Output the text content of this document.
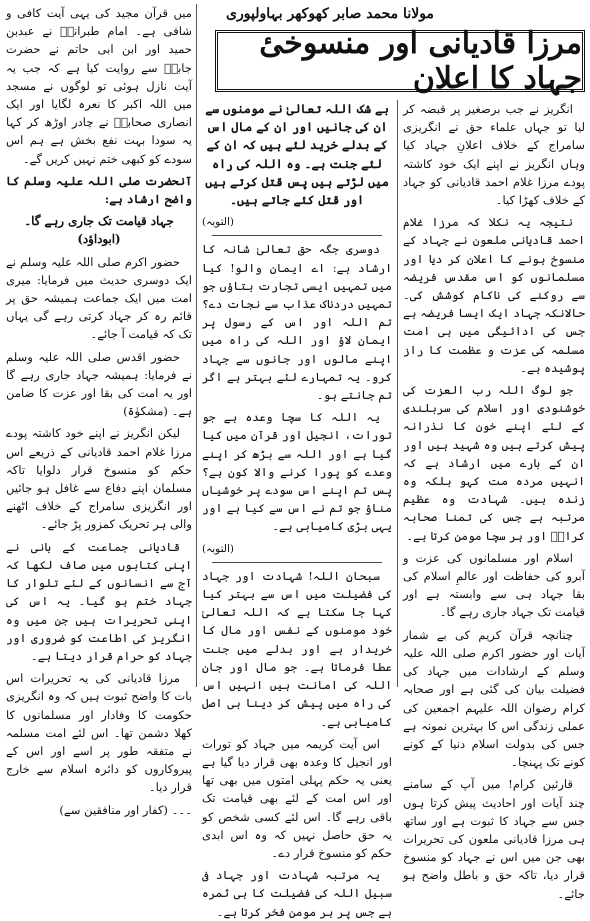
مولانا محمد صابر کھوکھر بہاولپوری
مرزا قادیانی اور منسوخیٔ جہاد کا اعلان

انگریز نے جب برصغیر پر قبضہ کر لیا تو جہاں علماء حق نے انگریزی سامراج کے خلاف اعلانِ جہاد کیا وہاں انگریز نے اپنے ایک خود کاشتہ پودے مرزا غلام احمد قادیانی کو جہاد کے خلاف کھڑا کیا۔

نتیجہ یہ نکلا کہ مرزا غلام احمد قادیانی ملعون نے جہاد کے منسوخ ہونے کا اعلان کر دیا اور مسلمانوں کو اس مقدس فریضہ سے روکنے کی ناکام کوشش کی۔ حالانکہ جہاد ایک ایسا فریضہ ہے جس کی ادائیگی میں ہی امت مسلمہ کی عزت و عظمت کا راز پوشیدہ ہے۔

جو لوگ اللہ رب العزت کی خوشنودی اور اسلام کی سربلندی کے لئے اپنے خون کا نذرانہ پیش کرتے ہیں وہ شہید ہیں اور ان کے بارے میں ارشاد ہے کہ انہیں مردہ مت کہو بلکہ وہ زندہ ہیں۔ شہادت وہ عظیم مرتبہ ہے جس کی تمنا صحابہ کرامؓ اور ہر سچا مومن کرتا ہے۔

اسلام اور مسلمانوں کی عزت و آبرو کی حفاظت اور عالمِ اسلام کی بقا جہاد ہی سے وابستہ ہے اور قیامت تک جہاد جاری رہے گا۔

چنانچہ قرآن کریم کی بے شمار آیات اور حضور اکرم صلی اللہ علیہ وسلم کے ارشادات میں جہاد کی فضیلت بیان کی گئی ہے اور صحابہ کرام رضوان اللہ علیہم اجمعین کی عملی زندگی اس کا بہترین نمونہ ہے جس کی بدولت اسلام دنیا کے کونے کونے تک پہنچا۔

قارئین کرام! میں آپ کے سامنے چند آیات اور احادیث پیش کرتا ہوں جس سے جہاد کا ثبوت ہے اور ساتھ ہی مرزا قادیانی ملعون کی تحریرات بھی جن میں اس نے جہاد کو منسوخ قرار دیا، تاکہ حق و باطل واضح ہو جائے۔

بے شک اللہ تعالیٰ نے مومنوں سے ان کی جانیں اور ان کے مال اس کے بدلے خرید لئے ہیں کہ ان کے لئے جنت ہے۔ وہ اللہ کی راہ میں لڑتے ہیں پس قتل کرتے ہیں اور قتل کئے جاتے ہیں۔

(التوبہ)

دوسری جگہ حق تعالیٰ شانہ کا ارشاد ہے: اے ایمان والو! کیا میں تمہیں ایسی تجارت بتاؤں جو تمہیں دردناک عذاب سے نجات دے؟ تم اللہ اور اس کے رسول پر ایمان لاؤ اور اللہ کی راہ میں اپنے مالوں اور جانوں سے جہاد کرو۔ یہ تمہارے لئے بہتر ہے اگر تم جانتے ہو۔

یہ اللہ کا سچا وعدہ ہے جو تورات، انجیل اور قرآن میں کیا گیا ہے اور اللہ سے بڑھ کر اپنے وعدے کو پورا کرنے والا کون ہے؟ پس تم اپنے اس سودے پر خوشیاں مناؤ جو تم نے اس سے کیا ہے اور یہی بڑی کامیابی ہے۔

(التوبہ)

سبحان اللہ! شہادت اور جہاد کی فضیلت میں اس سے بہتر کیا کہا جا سکتا ہے کہ اللہ تعالیٰ خود مومنوں کے نفس اور مال کا خریدار ہے اور بدلے میں جنت عطا فرماتا ہے۔ جو مال اور جان اللہ کی امانت ہیں انہیں اس کی راہ میں پیش کر دینا ہی اصل کامیابی ہے۔

اس آیت کریمہ میں جہاد کو تورات اور انجیل کا وعدہ بھی قرار دیا گیا ہے یعنی یہ حکم پہلی امتوں میں بھی تھا اور اس امت کے لئے بھی قیامت تک باقی رہے گا۔ اس لئے کسی شخص کو یہ حق حاصل نہیں کہ وہ اس ابدی حکم کو منسوخ قرار دے۔

یہ مرتبہ شہادت اور جہاد فی سبیل اللہ کی فضیلت کا ہی ثمرہ ہے جس پر ہر مومن فخر کرتا ہے۔

میں قرآن مجید کی یہی آیت کافی و شافی ہے۔ امام طبرانیؒ نے عبدبن حمید اور ابن ابی حاتم نے حضرت جابرؓ سے روایت کیا ہے کہ جب یہ آیت نازل ہوئی تو لوگوں نے مسجد میں اللہ اکبر کا نعرہ لگایا اور ایک انصاری صحابیؓ نے چادر اوڑھ کر کہا یہ سودا بہت نفع بخش ہے ہم اس سودے کو کبھی ختم نہیں کریں گے۔

آنحضرت صلی اللہ علیہ وسلم کا واضح ارشاد ہے:

جہاد قیامت تک جاری رہے گا۔ (ابوداؤد)

حضور اکرم صلی اللہ علیہ وسلم نے ایک دوسری حدیث میں فرمایا: میری امت میں ایک جماعت ہمیشہ حق پر قائم رہ کر جہاد کرتی رہے گی یہاں تک کہ قیامت آ جائے۔

حضور اقدس صلی اللہ علیہ وسلم نے فرمایا: ہمیشہ جہاد جاری رہے گا اور یہ امت کی بقا اور عزت کا ضامن ہے۔ (مشکوٰۃ)

لیکن انگریز نے اپنے خود کاشتہ پودے مرزا غلام احمد قادیانی کے ذریعے اس حکم کو منسوخ قرار دلوایا تاکہ مسلمان اپنے دفاع سے غافل ہو جائیں اور انگریزی سامراج کے خلاف اٹھنے والی ہر تحریک کمزور پڑ جائے۔

قادیانی جماعت کے بانی نے اپنی کتابوں میں صاف لکھا کہ آج سے انسانوں کے لئے تلوار کا جہاد ختم ہو گیا۔ یہ اس کی اپنی تحریرات ہیں جن میں وہ انگریز کی اطاعت کو ضروری اور جہاد کو حرام قرار دیتا ہے۔

مرزا قادیانی کی یہ تحریرات اس بات کا واضح ثبوت ہیں کہ وہ انگریزی حکومت کا وفادار اور مسلمانوں کا کھلا دشمن تھا۔ اس لئے امت مسلمہ نے متفقہ طور پر اسے اور اس کے پیروکاروں کو دائرہ اسلام سے خارج قرار دیا۔

۔۔۔ (کفار اور منافقین سے)
